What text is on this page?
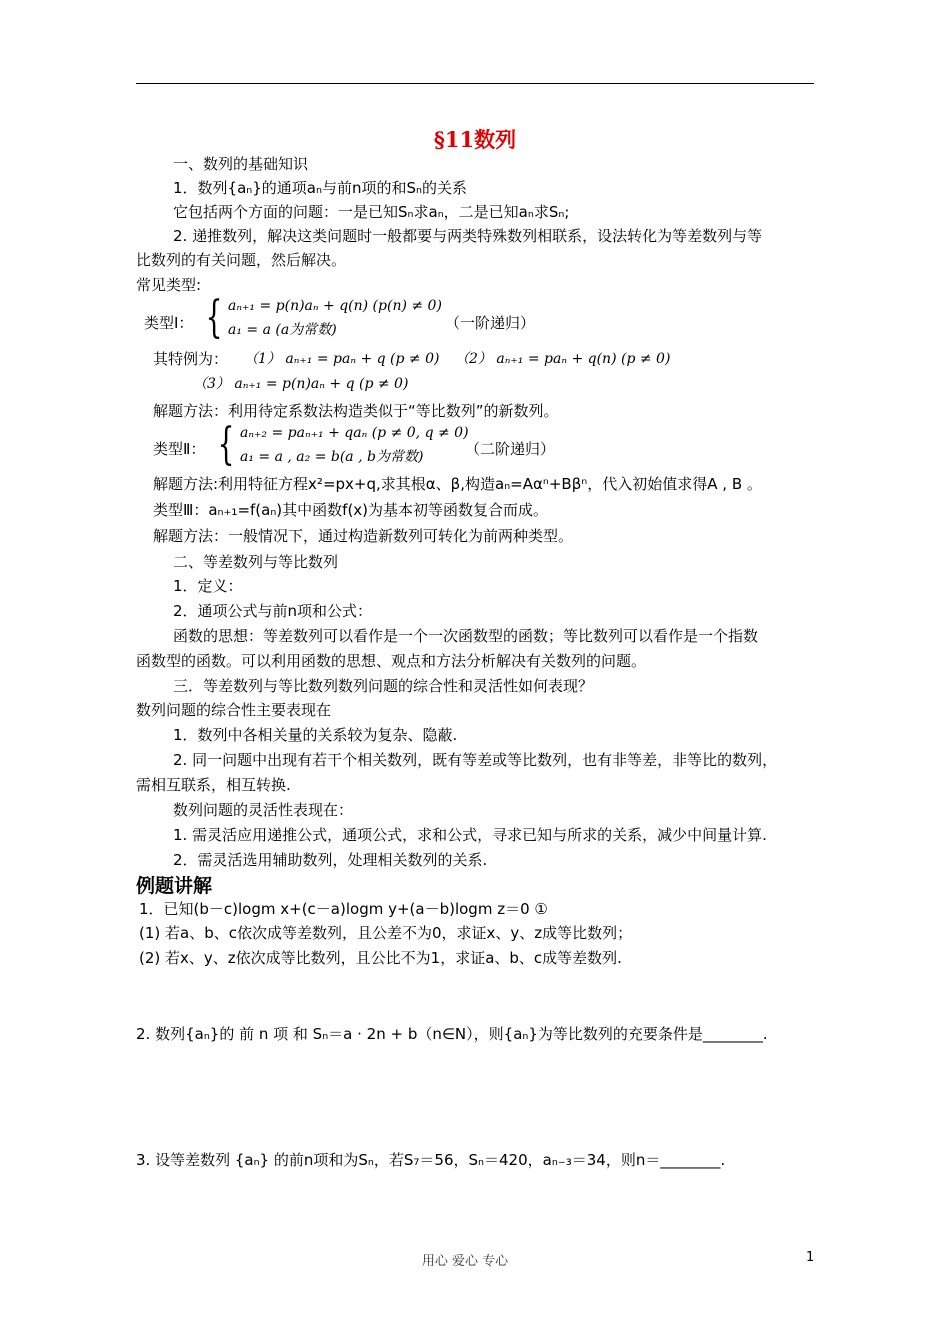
§11数列
一、数列的基础知识
1．数列{aₙ}的通项aₙ与前n项的和Sₙ的关系
它包括两个方面的问题：一是已知Sₙ求aₙ，二是已知aₙ求Sₙ;
2. 递推数列，解决这类问题时一般都要与两类特殊数列相联系，设法转化为等差数列与等
比数列的有关问题，然后解决。
常见类型:
类型Ⅰ： { aₙ₊₁ = p(n)aₙ + q(n) (p(n) ≠ 0)
a₁ = a (a为常数)	（一阶递归）
其特例为： （1） aₙ₊₁ = paₙ + q (p ≠ 0) （2） aₙ₊₁ = paₙ + q(n) (p ≠ 0)
（3） aₙ₊₁ = p(n)aₙ + q (p ≠ 0)
解题方法：利用待定系数法构造类似于“等比数列”的新数列。
类型Ⅱ： { aₙ₊₂ = paₙ₊₁ + qaₙ (p ≠ 0, q ≠ 0)
a₁ = a , a₂ = b(a , b为常数)	（二阶递归）
解题方法:利用特征方程x²=px+q,求其根α、β,构造aₙ=Aαⁿ+Bβⁿ，代入初始值求得A , B 。
类型Ⅲ：aₙ₊₁=f(aₙ)其中函数f(x)为基本初等函数复合而成。
解题方法：一般情况下，通过构造新数列可转化为前两种类型。
二、等差数列与等比数列
1．定义：
2．通项公式与前n项和公式：
函数的思想：等差数列可以看作是一个一次函数型的函数；等比数列可以看作是一个指数
函数型的函数。可以利用函数的思想、观点和方法分析解决有关数列的问题。
三．等差数列与等比数列数列问题的综合性和灵活性如何表现？
数列问题的综合性主要表现在
1．数列中各相关量的关系较为复杂、隐蔽.
2. 同一问题中出现有若干个相关数列，既有等差或等比数列，也有非等差，非等比的数列，
需相互联系，相互转换.
数列问题的灵活性表现在：
1. 需灵活应用递推公式，通项公式，求和公式，寻求已知与所求的关系，减少中间量计算.
2．需灵活选用辅助数列，处理相关数列的关系.
例题讲解
1．已知(b－c)logm x+(c－a)logm y+(a－b)logm z＝0 ①
(1) 若a、b、c依次成等差数列，且公差不为0，求证x、y、z成等比数列；
(2) 若x、y、z依次成等比数列，且公比不为1，求证a、b、c成等差数列.
2. 数列{aₙ}的 前 n 项 和 Sₙ＝a · 2n + b（n∈N），则{aₙ}为等比数列的充要条件是________.
3. 设等差数列 {aₙ} 的前n项和为Sₙ，若S₇＝56，Sₙ＝420，aₙ₋₃＝34，则n＝________.
用心 爱心 专心	1
